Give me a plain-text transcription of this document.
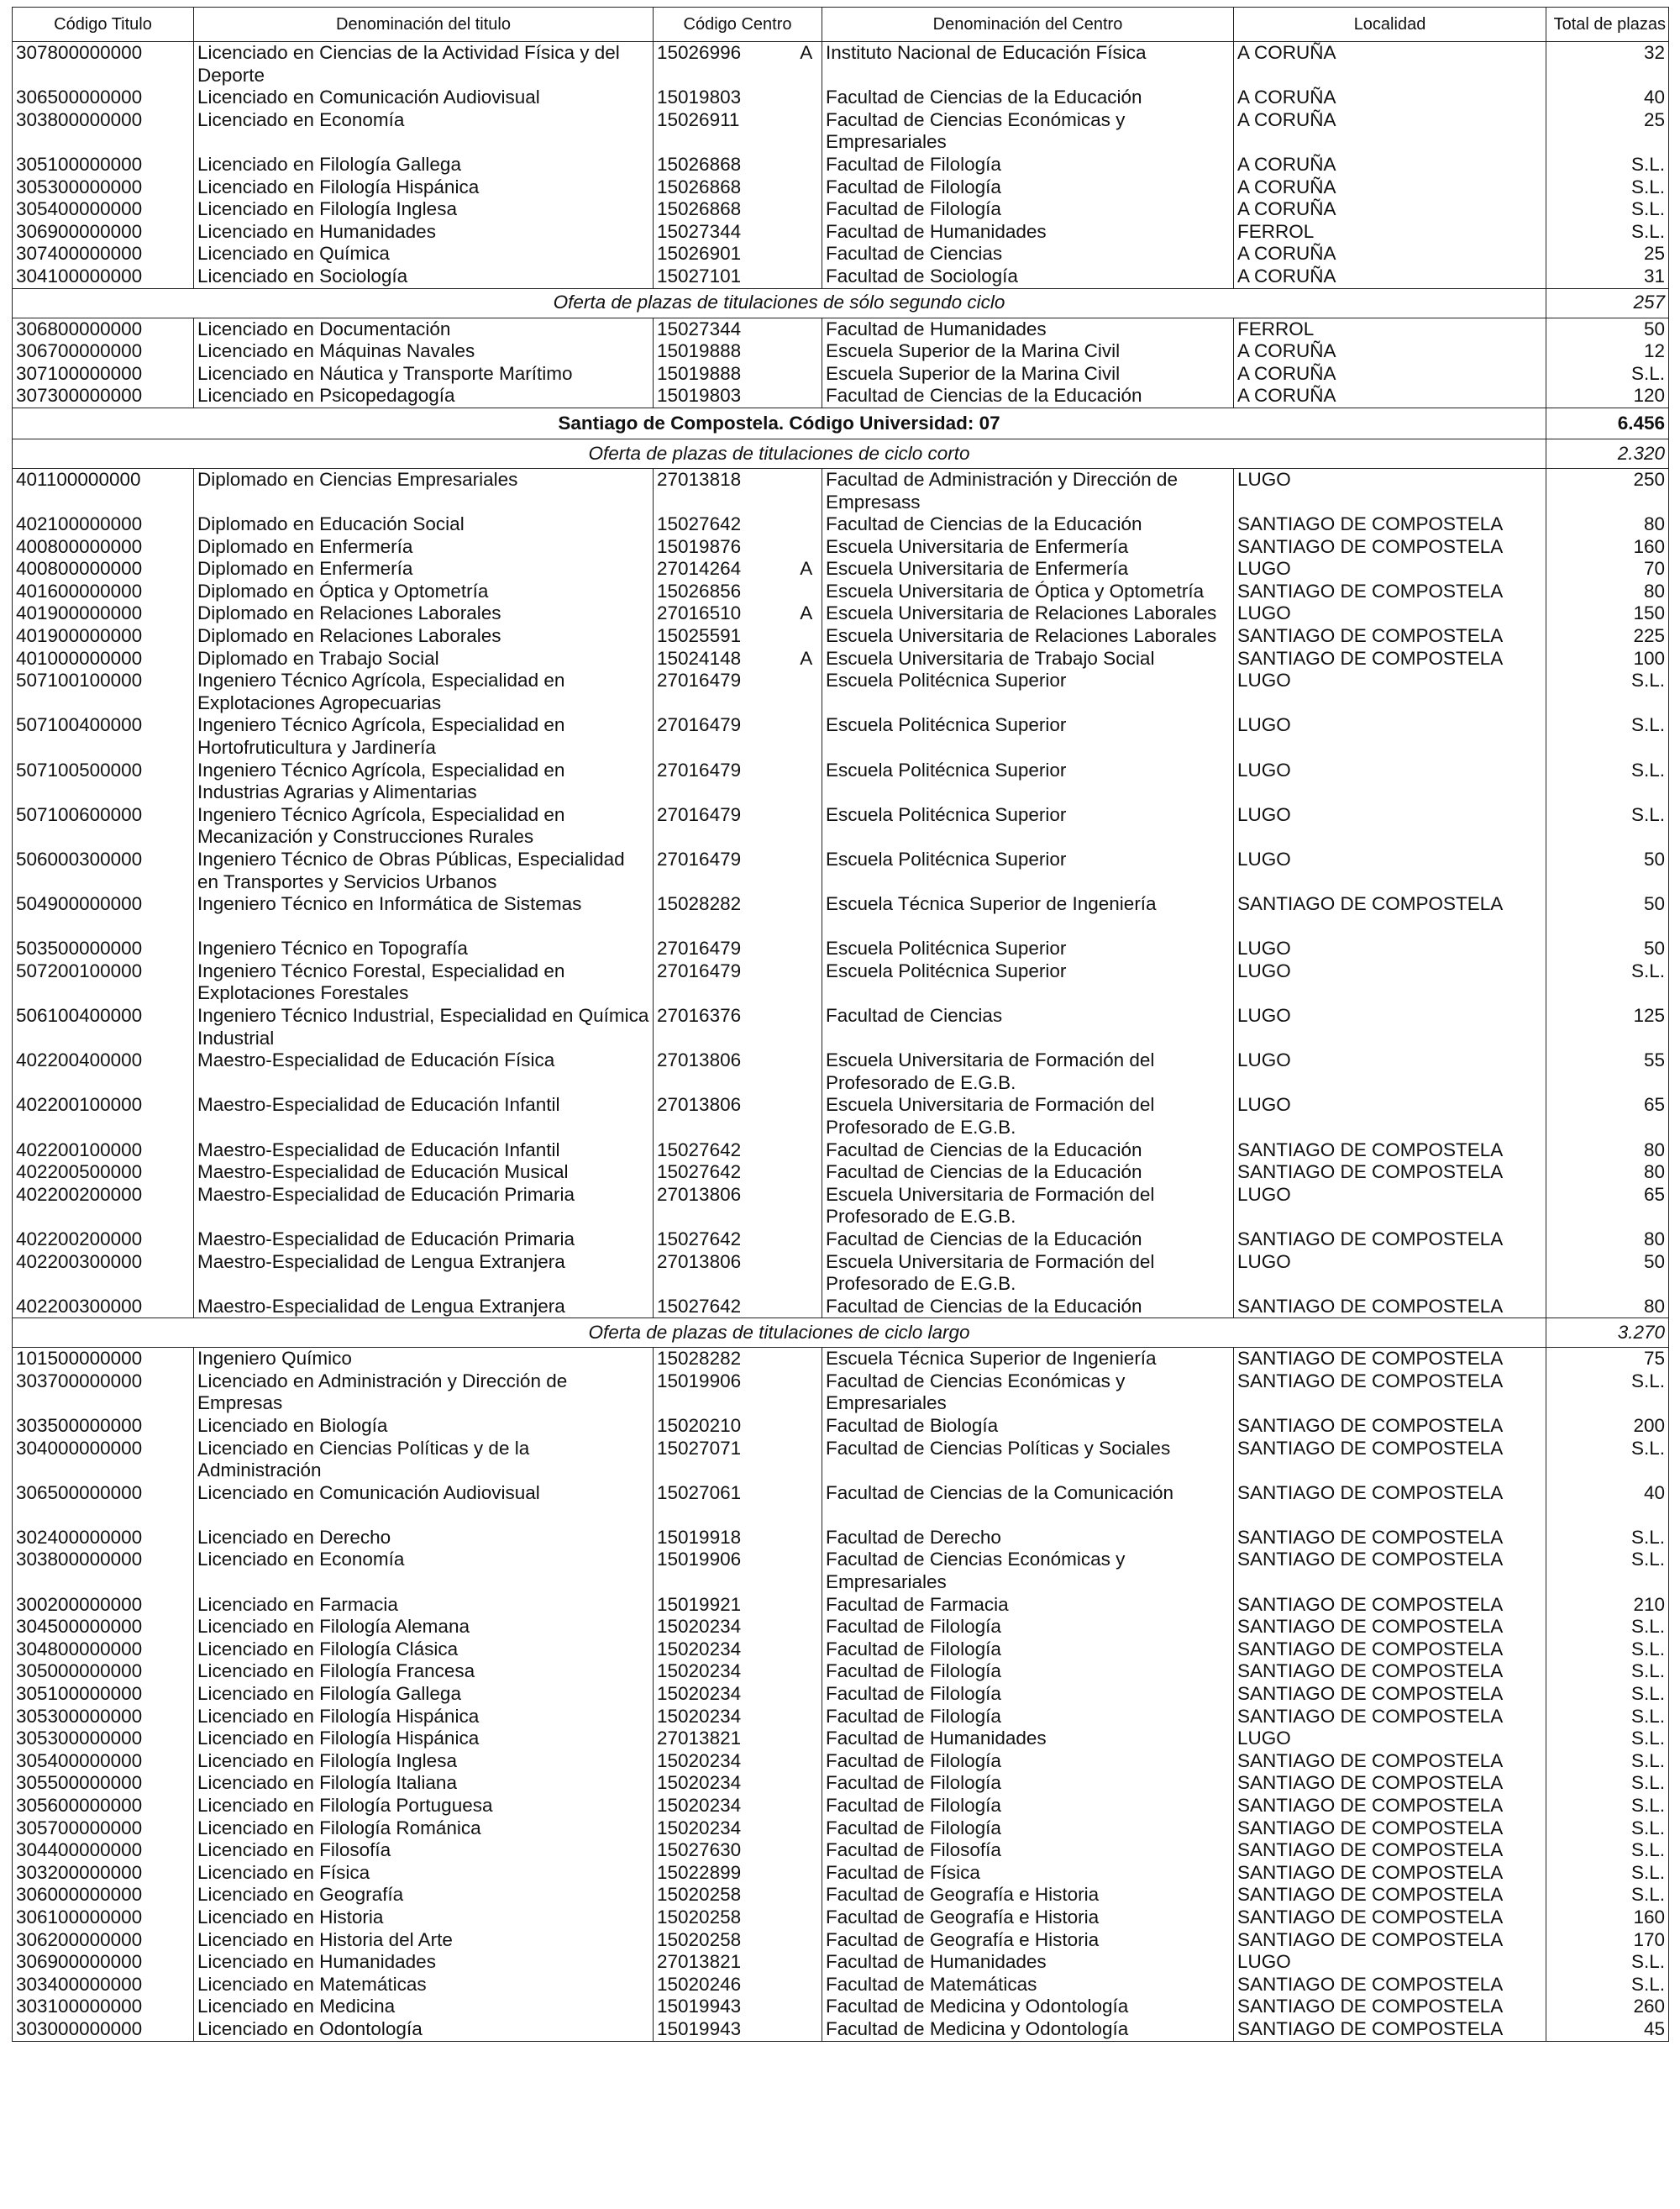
Código Titulo	Denominación del titulo	Código Centro		Denominación del Centro	Localidad	Total de plazas
307800000000	Licenciado en Ciencias de la Actividad Física y del Deporte	15026996	A	Instituto Nacional de Educación Física	A CORUÑA	32
306500000000	Licenciado en Comunicación Audiovisual	15019803		Facultad de Ciencias de la Educación	A CORUÑA	40
303800000000	Licenciado en Economía	15026911		Facultad de Ciencias Económicas y Empresariales	A CORUÑA	25
305100000000	Licenciado en Filología Gallega	15026868		Facultad de Filología	A CORUÑA	S.L.
305300000000	Licenciado en Filología Hispánica	15026868		Facultad de Filología	A CORUÑA	S.L.
305400000000	Licenciado en Filología Inglesa	15026868		Facultad de Filología	A CORUÑA	S.L.
306900000000	Licenciado en Humanidades	15027344		Facultad de Humanidades	FERROL	S.L.
307400000000	Licenciado en Química	15026901		Facultad de Ciencias	A CORUÑA	25
304100000000	Licenciado en Sociología	15027101		Facultad de Sociología	A CORUÑA	31
Oferta de plazas de titulaciones de sólo segundo ciclo						257
306800000000	Licenciado en Documentación	15027344		Facultad de Humanidades	FERROL	50
306700000000	Licenciado en Máquinas Navales	15019888		Escuela Superior de la Marina Civil	A CORUÑA	12
307100000000	Licenciado en Náutica y Transporte Marítimo	15019888		Escuela Superior de la Marina Civil	A CORUÑA	S.L.
307300000000	Licenciado en Psicopedagogía	15019803		Facultad de Ciencias de la Educación	A CORUÑA	120
Santiago de Compostela. Código Universidad: 07						6.456
Oferta de plazas de titulaciones de ciclo corto						2.320
401100000000	Diplomado en Ciencias Empresariales	27013818		Facultad de Administración y Dirección de Empresass	LUGO	250
402100000000	Diplomado en Educación Social	15027642		Facultad de Ciencias de la Educación	SANTIAGO DE COMPOSTELA	80
400800000000	Diplomado en Enfermería	15019876		Escuela Universitaria de Enfermería	SANTIAGO DE COMPOSTELA	160
400800000000	Diplomado en Enfermería	27014264	A	Escuela Universitaria de Enfermería	LUGO	70
401600000000	Diplomado en Óptica y Optometría	15026856		Escuela Universitaria de Óptica y Optometría	SANTIAGO DE COMPOSTELA	80
401900000000	Diplomado en Relaciones Laborales	27016510	A	Escuela Universitaria de Relaciones Laborales	LUGO	150
401900000000	Diplomado en Relaciones Laborales	15025591		Escuela Universitaria de Relaciones Laborales	SANTIAGO DE COMPOSTELA	225
401000000000	Diplomado en Trabajo Social	15024148	A	Escuela Universitaria de Trabajo Social	SANTIAGO DE COMPOSTELA	100
507100100000	Ingeniero Técnico Agrícola, Especialidad en Explotaciones Agropecuarias	27016479		Escuela Politécnica Superior	LUGO	S.L.
507100400000	Ingeniero Técnico Agrícola, Especialidad en Hortofruticultura y Jardinería	27016479		Escuela Politécnica Superior	LUGO	S.L.
507100500000	Ingeniero Técnico Agrícola, Especialidad en Industrias Agrarias y Alimentarias	27016479		Escuela Politécnica Superior	LUGO	S.L.
507100600000	Ingeniero Técnico Agrícola, Especialidad en Mecanización y Construcciones Rurales	27016479		Escuela Politécnica Superior	LUGO	S.L.
506000300000	Ingeniero Técnico de Obras Públicas, Especialidad en Transportes y Servicios Urbanos	27016479		Escuela Politécnica Superior	LUGO	50
504900000000	Ingeniero Técnico en Informática de Sistemas	15028282		Escuela Técnica Superior de Ingeniería	SANTIAGO DE COMPOSTELA	50
503500000000	Ingeniero Técnico en Topografía	27016479		Escuela Politécnica Superior	LUGO	50
507200100000	Ingeniero Técnico Forestal, Especialidad en Explotaciones Forestales	27016479		Escuela Politécnica Superior	LUGO	S.L.
506100400000	Ingeniero Técnico Industrial, Especialidad en Química Industrial	27016376		Facultad de Ciencias	LUGO	125
402200400000	Maestro-Especialidad de Educación Física	27013806		Escuela Universitaria de Formación del Profesorado de E.G.B.	LUGO	55
402200100000	Maestro-Especialidad de Educación Infantil	27013806		Escuela Universitaria de Formación del Profesorado de E.G.B.	LUGO	65
402200100000	Maestro-Especialidad de Educación Infantil	15027642		Facultad de Ciencias de la Educación	SANTIAGO DE COMPOSTELA	80
402200500000	Maestro-Especialidad de Educación Musical	15027642		Facultad de Ciencias de la Educación	SANTIAGO DE COMPOSTELA	80
402200200000	Maestro-Especialidad de Educación Primaria	27013806		Escuela Universitaria de Formación del Profesorado de E.G.B.	LUGO	65
402200200000	Maestro-Especialidad de Educación Primaria	15027642		Facultad de Ciencias de la Educación	SANTIAGO DE COMPOSTELA	80
402200300000	Maestro-Especialidad de Lengua Extranjera	27013806		Escuela Universitaria de Formación del Profesorado de E.G.B.	LUGO	50
402200300000	Maestro-Especialidad de Lengua Extranjera	15027642		Facultad de Ciencias de la Educación	SANTIAGO DE COMPOSTELA	80
Oferta de plazas de titulaciones de ciclo largo						3.270
101500000000	Ingeniero Químico	15028282		Escuela Técnica Superior de Ingeniería	SANTIAGO DE COMPOSTELA	75
303700000000	Licenciado en Administración y Dirección de Empresas	15019906		Facultad de Ciencias Económicas y Empresariales	SANTIAGO DE COMPOSTELA	S.L.
303500000000	Licenciado en Biología	15020210		Facultad de Biología	SANTIAGO DE COMPOSTELA	200
304000000000	Licenciado en Ciencias Políticas y de la Administración	15027071		Facultad de Ciencias Políticas y Sociales	SANTIAGO DE COMPOSTELA	S.L.
306500000000	Licenciado en Comunicación Audiovisual	15027061		Facultad de Ciencias de la Comunicación	SANTIAGO DE COMPOSTELA	40
302400000000	Licenciado en Derecho	15019918		Facultad de Derecho	SANTIAGO DE COMPOSTELA	S.L.
303800000000	Licenciado en Economía	15019906		Facultad de Ciencias Económicas y Empresariales	SANTIAGO DE COMPOSTELA	S.L.
300200000000	Licenciado en Farmacia	15019921		Facultad de Farmacia	SANTIAGO DE COMPOSTELA	210
304500000000	Licenciado en Filología Alemana	15020234		Facultad de Filología	SANTIAGO DE COMPOSTELA	S.L.
304800000000	Licenciado en Filología Clásica	15020234		Facultad de Filología	SANTIAGO DE COMPOSTELA	S.L.
305000000000	Licenciado en Filología Francesa	15020234		Facultad de Filología	SANTIAGO DE COMPOSTELA	S.L.
305100000000	Licenciado en Filología Gallega	15020234		Facultad de Filología	SANTIAGO DE COMPOSTELA	S.L.
305300000000	Licenciado en Filología Hispánica	15020234		Facultad de Filología	SANTIAGO DE COMPOSTELA	S.L.
305300000000	Licenciado en Filología Hispánica	27013821		Facultad de Humanidades	LUGO	S.L.
305400000000	Licenciado en Filología Inglesa	15020234		Facultad de Filología	SANTIAGO DE COMPOSTELA	S.L.
305500000000	Licenciado en Filología Italiana	15020234		Facultad de Filología	SANTIAGO DE COMPOSTELA	S.L.
305600000000	Licenciado en Filología Portuguesa	15020234		Facultad de Filología	SANTIAGO DE COMPOSTELA	S.L.
305700000000	Licenciado en Filología Románica	15020234		Facultad de Filología	SANTIAGO DE COMPOSTELA	S.L.
304400000000	Licenciado en Filosofía	15027630		Facultad de Filosofía	SANTIAGO DE COMPOSTELA	S.L.
303200000000	Licenciado en Física	15022899		Facultad de Física	SANTIAGO DE COMPOSTELA	S.L.
306000000000	Licenciado en Geografía	15020258		Facultad de Geografía e Historia	SANTIAGO DE COMPOSTELA	S.L.
306100000000	Licenciado en Historia	15020258		Facultad de Geografía e Historia	SANTIAGO DE COMPOSTELA	160
306200000000	Licenciado en Historia del Arte	15020258		Facultad de Geografía e Historia	SANTIAGO DE COMPOSTELA	170
306900000000	Licenciado en Humanidades	27013821		Facultad de Humanidades	LUGO	S.L.
303400000000	Licenciado en Matemáticas	15020246		Facultad de Matemáticas	SANTIAGO DE COMPOSTELA	S.L.
303100000000	Licenciado en Medicina	15019943		Facultad de Medicina y Odontología	SANTIAGO DE COMPOSTELA	260
303000000000	Licenciado en Odontología	15019943		Facultad de Medicina y Odontología	SANTIAGO DE COMPOSTELA	45
